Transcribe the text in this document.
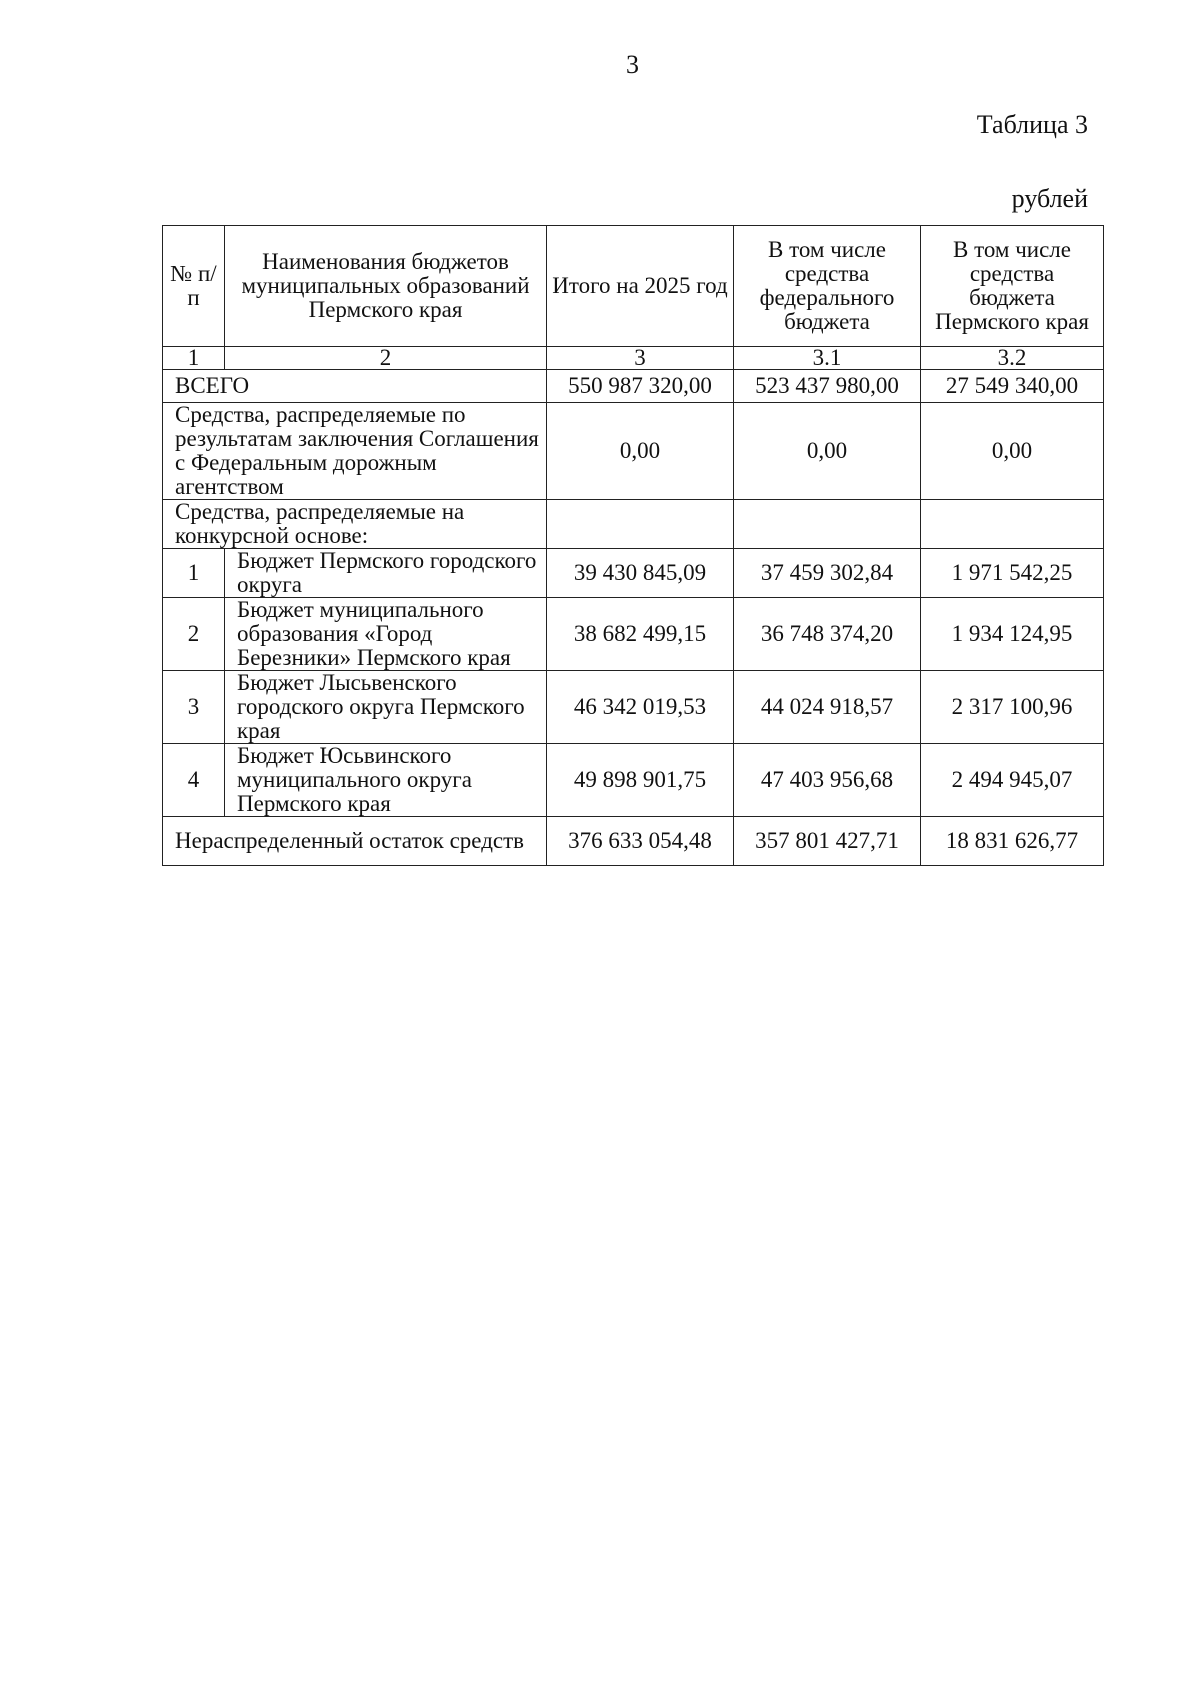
3
Таблица 3
рублей
№ п/п	Наименования бюджетов муниципальных образований Пермского края	Итого на 2025 год	В том числе средства федерального бюджета	В том числе средства бюджета Пермского края
1	2	3	3.1	3.2
ВСЕГО		550 987 320,00	523 437 980,00	27 549 340,00
Средства, распределяемые по результатам заключения Соглашения с Федеральным дорожным агентством		0,00	0,00	0,00
Средства, распределяемые на конкурсной основе:				
1	Бюджет Пермского городского округа	39 430 845,09	37 459 302,84	1 971 542,25
2	Бюджет муниципального образования «Город Березники» Пермского края	38 682 499,15	36 748 374,20	1 934 124,95
3	Бюджет Лысьвенского городского округа Пермского края	46 342 019,53	44 024 918,57	2 317 100,96
4	Бюджет Юсьвинского муниципального округа Пермского края	49 898 901,75	47 403 956,68	2 494 945,07
Нераспределенный остаток средств		376 633 054,48	357 801 427,71	18 831 626,77
